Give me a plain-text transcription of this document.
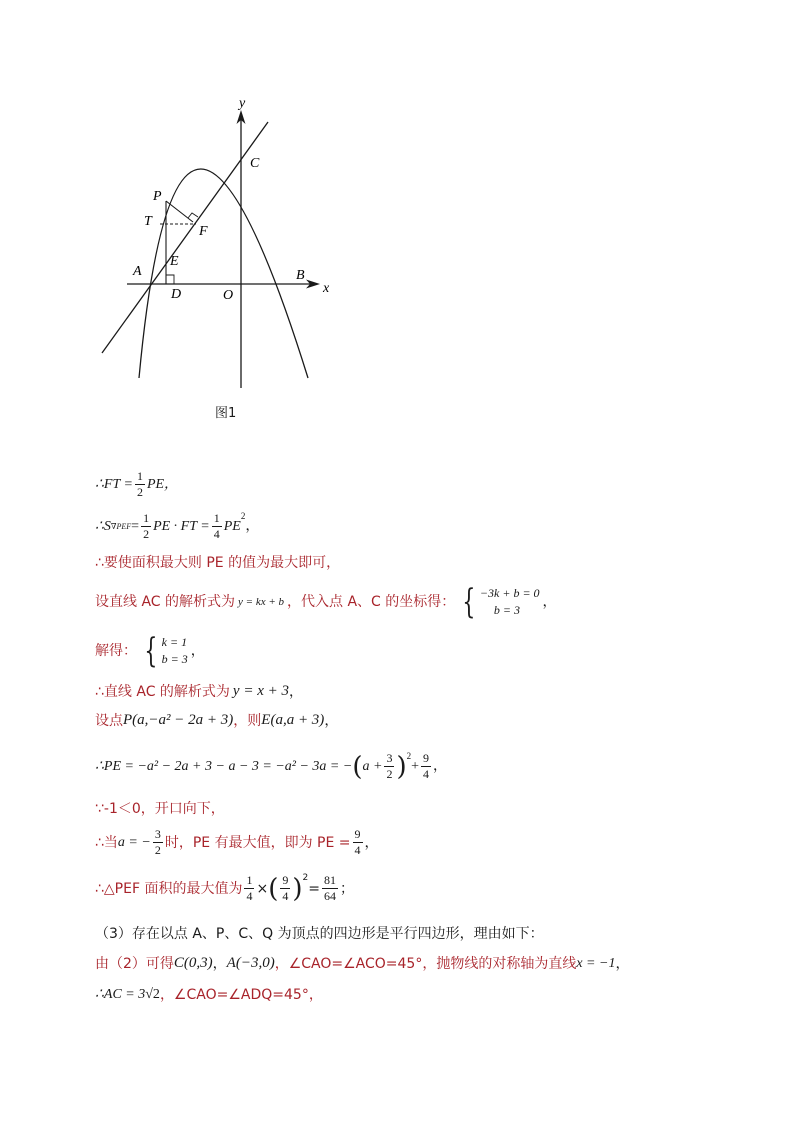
y
x
C
P
T
F
E
A
D	O
B
图1
∴FT = $\frac{1}{2}$ PE，
∴S $\nabla PEF = \frac{1}{2}$ PE · FT = $\frac{1}{4}$ PE
$^2$
，
∴要使面积最大则 PE 的值为最大即可，
设直线 AC 的解析式为 y = kx + b ，代入点 A、C 的坐标得： { −3k + b = 0
b = 3	，
解得： { k = 1
b = 3 ，
∴直线 AC 的解析式为 y = x + 3 ，
设点 P(a,−a² − 2a + 3) ，则 E(a,a + 3) ，
∴PE = −a² − 2a + 3 − a − 3 = −a² − 3a = − ( $a + \frac{3}{2} )^2$
+ $\frac{9}{4}$ ，
∵-1＜0，开口向下，
∴当 a = − $\frac{3}{2}$ 时，PE 有最大值，即为 PE = $\frac{9}{4}$ ，
∴△PEF 面积的最大值为 $\frac{1}{4}$ × ( $\frac{9}{4} )^2$
= $\frac{81}{64}$ ；
（3）存在以点 A、P、C、Q 为顶点的四边形是平行四边形，理由如下：
由（2）可得 C(0,3) ， A(−3,0) ，∠CAO=∠ACO=45°，抛物线的对称轴为直线 x = −1 ，
∴AC = 3 √2 ，∠CAO=∠ADQ=45°，
